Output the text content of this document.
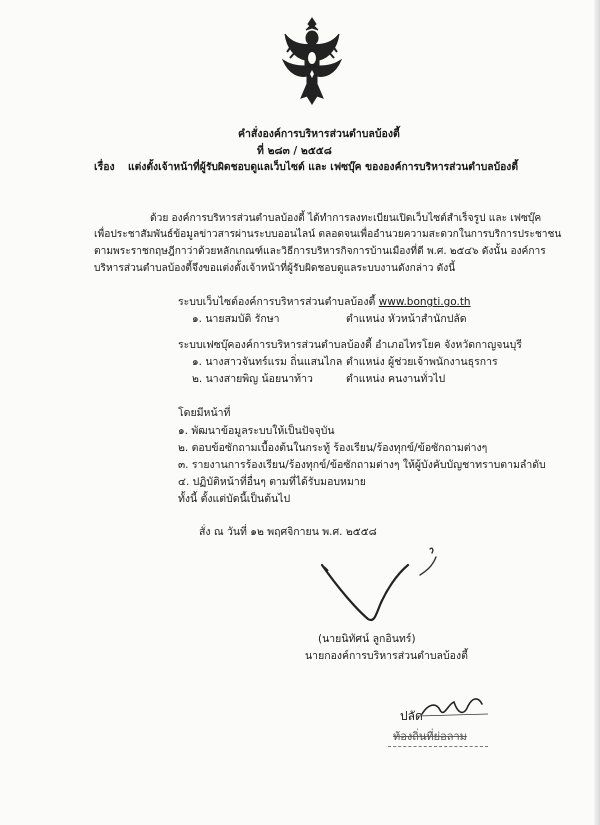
คำสั่งองค์การบริหารส่วนตำบลบ้องตี้
ที่ ๒๘๓ / ๒๕๕๘
เรื่อง แต่งตั้งเจ้าหน้าที่ผู้รับผิดชอบดูแลเว็บไซต์ และ เฟซบุ๊ค ขององค์การบริหารส่วนตำบลบ้องตี้
ด้วย องค์การบริหารส่วนตำบลบ้องตี้ ได้ทำการลงทะเบียนเปิดเว็บไซต์สำเร็จรูป และ เฟซบุ๊ค
เพื่อประชาสัมพันธ์ข้อมูลข่าวสารผ่านระบบออนไลน์ ตลอดจนเพื่ออำนวยความสะดวกในการบริการประชาชน
ตามพระราชกฤษฎีกาว่าด้วยหลักเกณฑ์และวิธีการบริหารกิจการบ้านเมืองที่ดี พ.ศ. ๒๕๔๖ ดังนั้น องค์การ
บริหารส่วนตำบลบ้องตี้จึงขอแต่งตั้งเจ้าหน้าที่ผู้รับผิดชอบดูแลระบบงานดังกล่าว ดังนี้
ระบบเว็บไซต์องค์การบริหารส่วนตำบลบ้องตี้ www.bongti.go.th
๑. นายสมบัติ รักษา	ตำแหน่ง หัวหน้าสำนักปลัด
ระบบเฟซบุ๊คองค์การบริหารส่วนตำบลบ้องตี้ อำเภอไทรโยค จังหวัดกาญจนบุรี
๑. นางสาวจันทร์แรม ถิ่นแสนไกล ตำแหน่ง ผู้ช่วยเจ้าพนักงานธุรการ
๒. นางสายพิญ น้อยนาท้าว	ตำแหน่ง คนงานทั่วไป
โดยมีหน้าที่
๑. พัฒนาข้อมูลระบบให้เป็นปัจจุบัน
๒. ตอบข้อซักถามเบื้องต้นในกระทู้ ร้องเรียน/ร้องทุกข์/ข้อซักถามต่างๆ
๓. รายงานการร้องเรียน/ร้องทุกข์/ข้อซักถามต่างๆ ให้ผู้บังคับบัญชาทราบตามลำดับ
๔. ปฏิบัติหน้าที่อื่นๆ ตามที่ได้รับมอบหมาย
ทั้งนี้ ตั้งแต่บัดนี้เป็นต้นไป
สั่ง ณ วันที่ ๑๒ พฤศจิกายน พ.ศ. ๒๕๕๘
(นายนิทัศน์ ลูกอินทร์)
นายกองค์การบริหารส่วนตำบลบ้องตี้
ปลัด
ท้องถิ่นที่ย่อลาม
